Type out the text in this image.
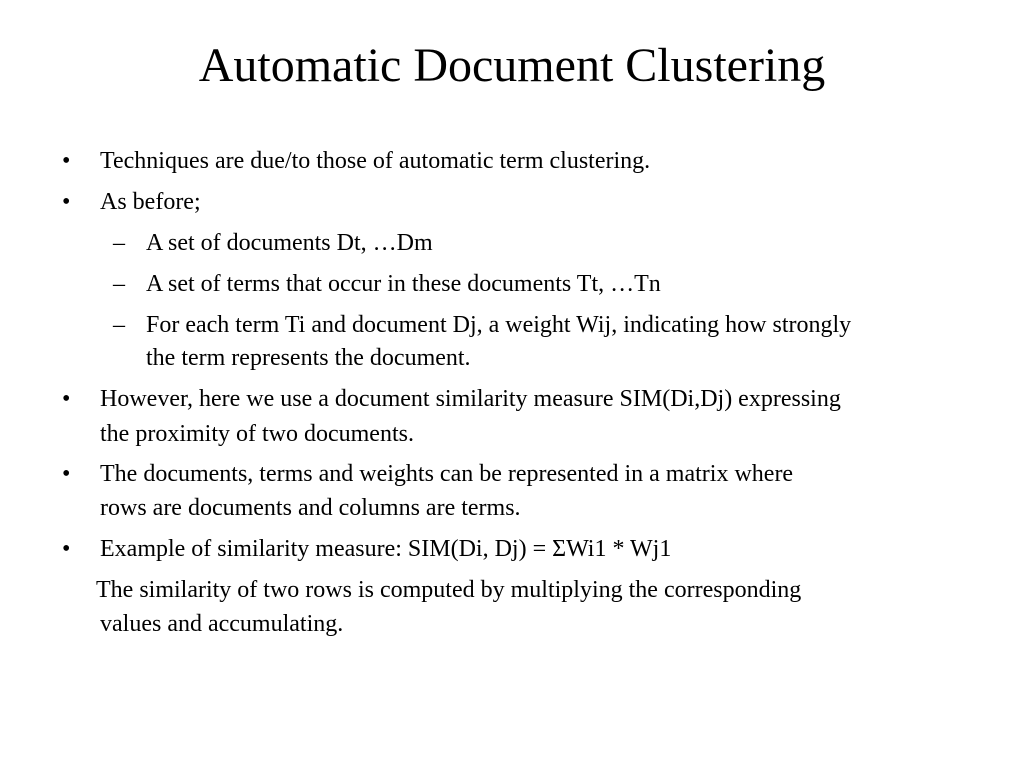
Automatic Document Clustering
• Techniques are due/to those of automatic term clustering.
• As before;
– A set of documents Dt, …Dm
– A set of terms that occur in these documents Tt, …Tn
– For each term Ti and document Dj, a weight Wij, indicating how strongly
the term represents the document.
• However, here we use a document similarity measure SIM(Di,Dj) expressing
the proximity of two documents.
• The documents, terms and weights can be represented in a matrix where
rows are documents and columns are terms.
• Example of similarity measure: SIM(Di, Dj) = ΣWi1 * Wj1
The similarity of two rows is computed by multiplying the corresponding
values and accumulating.
